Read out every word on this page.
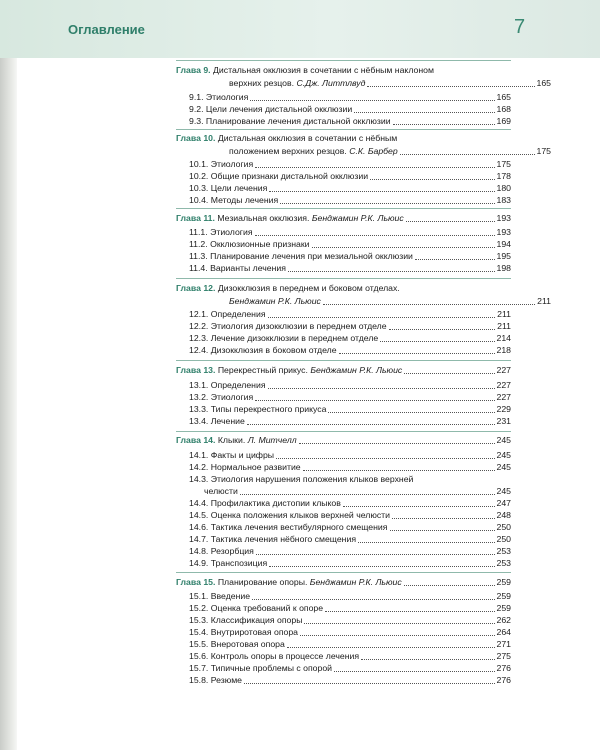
Оглавление	7
Глава 9. Дистальная окклюзия в сочетании с нёбным наклоном
верхних резцов.
С.Дж. Литтлвуд	165
9.1. Этиология	165
9.2. Цели лечения дистальной окклюзии	168
9.3. Планирование лечения дистальной окклюзии	169
Глава 10. Дистальная окклюзия в сочетании с нёбным
положением верхних резцов.
С.К. Барбер	175
10.1. Этиология	175
10.2. Общие признаки дистальной окклюзии	178
10.3. Цели лечения	180
10.4. Методы лечения	183
Глава 11. Мезиальная окклюзия. Бенджамин Р.К. Льюис	193
11.1. Этиология	193
11.2. Окклюзионные признаки	194
11.3. Планирование лечения при мезиальной окклюзии	195
11.4. Варианты лечения	198
Глава 12. Дизокклюзия в переднем и боковом отделах.
Бенджамин Р.К. Льюис	211
12.1. Определения	211
12.2. Этиология дизокклюзии в переднем отделе	211
12.3. Лечение дизокклюзии в переднем отделе	214
12.4. Дизокклюзия в боковом отделе	218
Глава 13. Перекрестный прикус. Бенджамин Р.К. Льюис	227
13.1. Определения	227
13.2. Этиология	227
13.3. Типы перекрестного прикуса	229
13.4. Лечение	231
Глава 14. Клыки. Л. Митчелл	245
14.1. Факты и цифры	245
14.2. Нормальное развитие	245
14.3. Этиология нарушения положения клыков верхней
челюсти	245
14.4. Профилактика дистопии клыков	247
14.5. Оценка положения клыков верхней челюсти	248
14.6. Тактика лечения вестибулярного смещения	250
14.7. Тактика лечения нёбного смещения	250
14.8. Резорбция	253
14.9. Транспозиция	253
Глава 15. Планирование опоры. Бенджамин Р.К. Льюис	259
15.1. Введение	259
15.2. Оценка требований к опоре	259
15.3. Классификация опоры	262
15.4. Внутриротовая опора	264
15.5. Внеротовая опора	271
15.6. Контроль опоры в процессе лечения	275
15.7. Типичные проблемы с опорой	276
15.8. Резюме	276
